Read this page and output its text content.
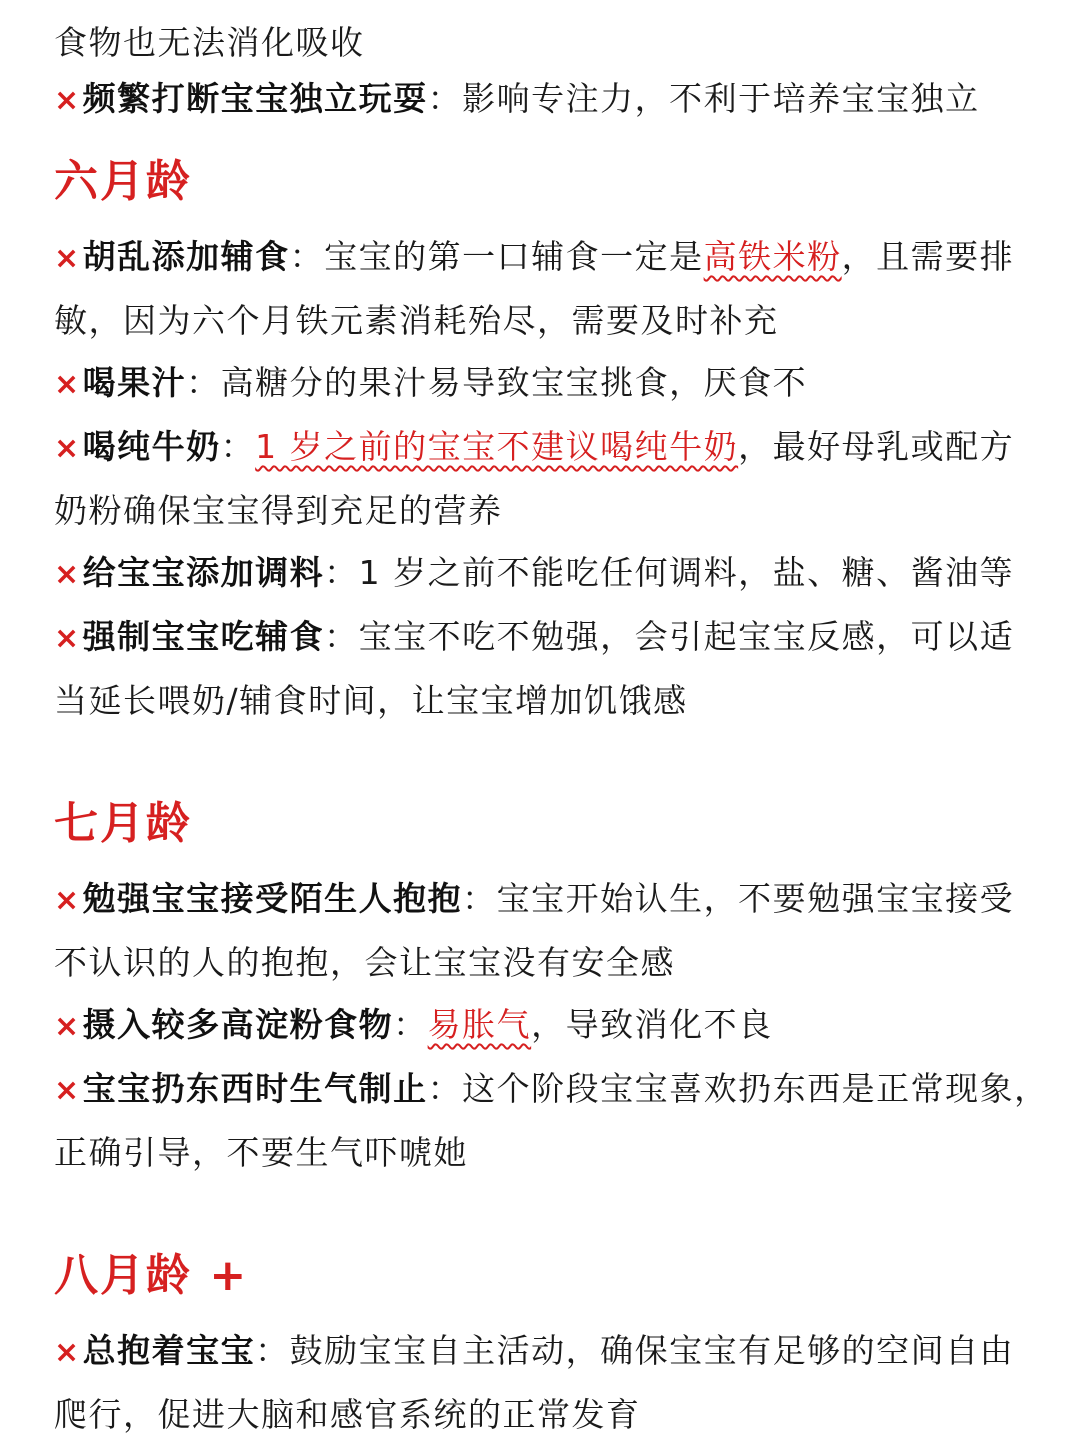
食物也无法消化吸收
×频繁打断宝宝独立玩耍：影响专注力，不利于培养宝宝独立
六月龄
×胡乱添加辅食：宝宝的第一口辅食一定是高铁米粉，且需要排
敏，因为六个月铁元素消耗殆尽，需要及时补充
×喝果汁：高糖分的果汁易导致宝宝挑食，厌食不
×喝纯牛奶：1 岁之前的宝宝不建议喝纯牛奶，最好母乳或配方
奶粉确保宝宝得到充足的营养
×给宝宝添加调料：1 岁之前不能吃任何调料，盐、糖、酱油等
×强制宝宝吃辅食：宝宝不吃不勉强，会引起宝宝反感，可以适
当延长喂奶/辅食时间，让宝宝增加饥饿感
七月龄
×勉强宝宝接受陌生人抱抱：宝宝开始认生，不要勉强宝宝接受
不认识的人的抱抱，会让宝宝没有安全感
×摄入较多高淀粉食物：易胀气，导致消化不良
×宝宝扔东西时生气制止：这个阶段宝宝喜欢扔东西是正常现象，
正确引导，不要生气吓唬她
八月龄 +
×总抱着宝宝：鼓励宝宝自主活动，确保宝宝有足够的空间自由
爬行，促进大脑和感官系统的正常发育
